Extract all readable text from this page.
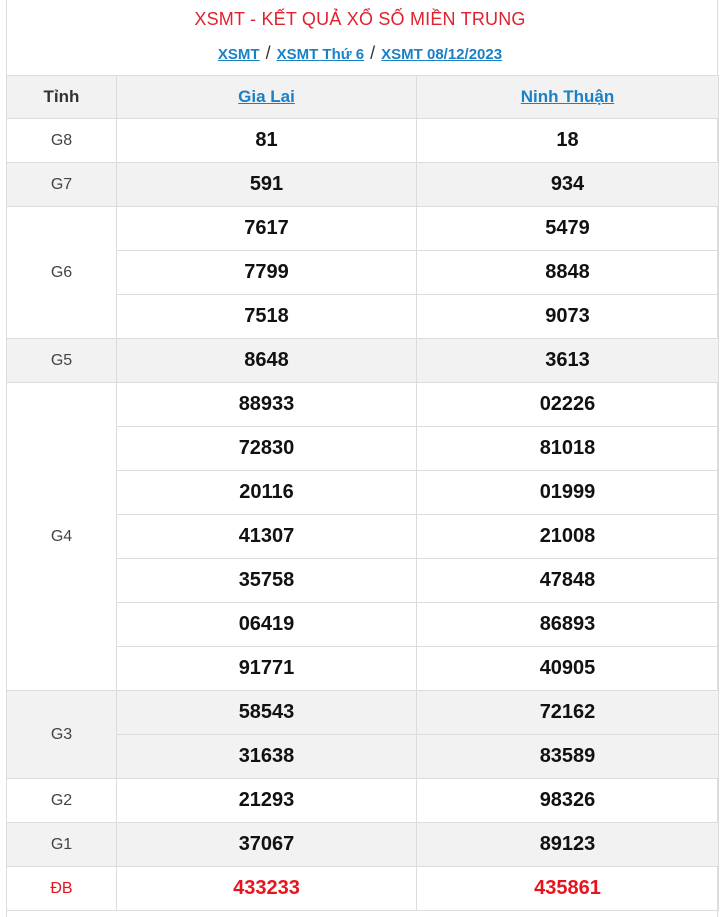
XSMT - KẾT QUẢ XỔ SỐ MIỀN TRUNG
XSMT / XSMT Thứ 6 / XSMT 08/12/2023
Tỉnh	Gia Lai	Ninh Thuận
G8	81	18
G7	591	934
G6	7617	5479
	7799	8848
	7518	9073
G5	8648	3613
G4	88933	02226
	72830	81018
	20116	01999
	41307	21008
	35758	47848
	06419	86893
	91771	40905
G3	58543	72162
	31638	83589
G2	21293	98326
G1	37067	89123
ĐB	433233	435861
